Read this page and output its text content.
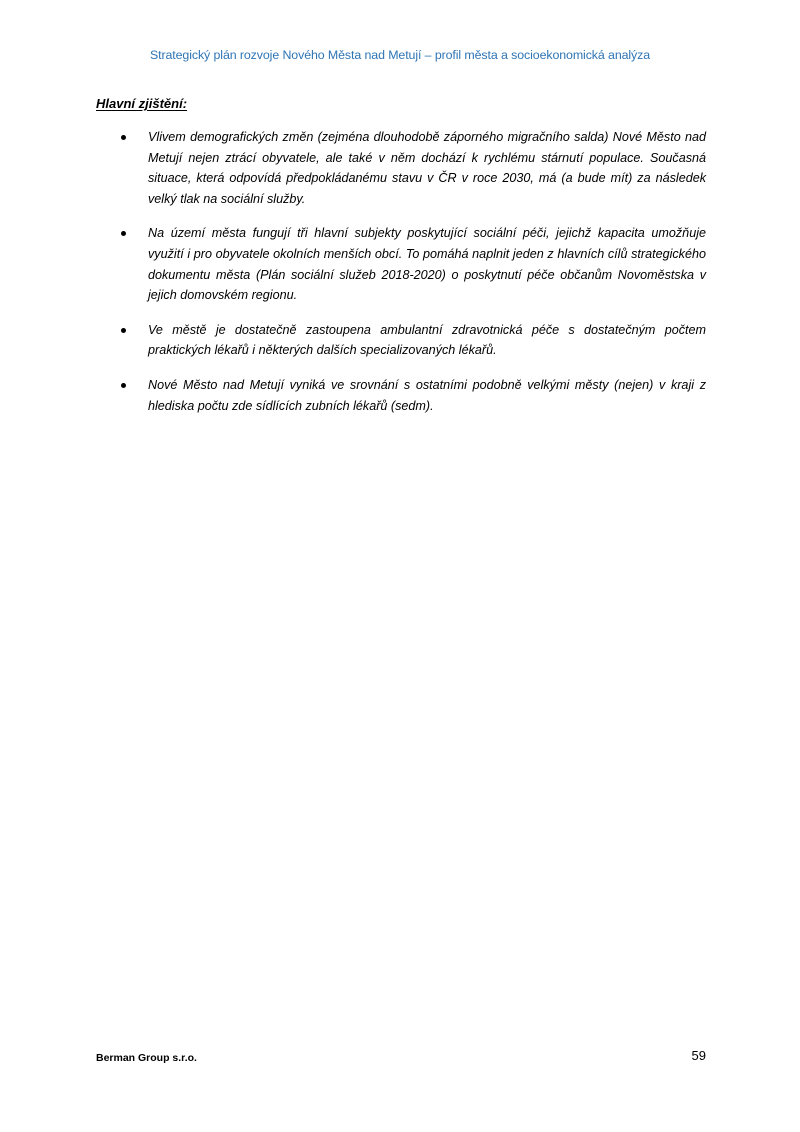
Strategický plán rozvoje Nového Města nad Metují – profil města a socioekonomická analýza
Hlavní zjištění:
Vlivem demografických změn (zejména dlouhodobě záporného migračního salda) Nové Město nad Metují nejen ztrácí obyvatele, ale také v něm dochází k rychlému stárnutí populace. Současná situace, která odpovídá předpokládanému stavu v ČR v roce 2030, má (a bude mít) za následek velký tlak na sociální služby.
Na území města fungují tři hlavní subjekty poskytující sociální péči, jejichž kapacita umožňuje využití i pro obyvatele okolních menších obcí. To pomáhá naplnit jeden z hlavních cílů strategického dokumentu města (Plán sociální služeb 2018-2020) o poskytnutí péče občanům Novoměstska v jejich domovském regionu.
Ve městě je dostatečně zastoupena ambulantní zdravotnická péče s dostatečným počtem praktických lékařů i některých dalších specializovaných lékařů.
Nové Město nad Metují vyniká ve srovnání s ostatními podobně velkými městy (nejen) v kraji z hlediska počtu zde sídlících zubních lékařů (sedm).
Berman Group s.r.o.	59
